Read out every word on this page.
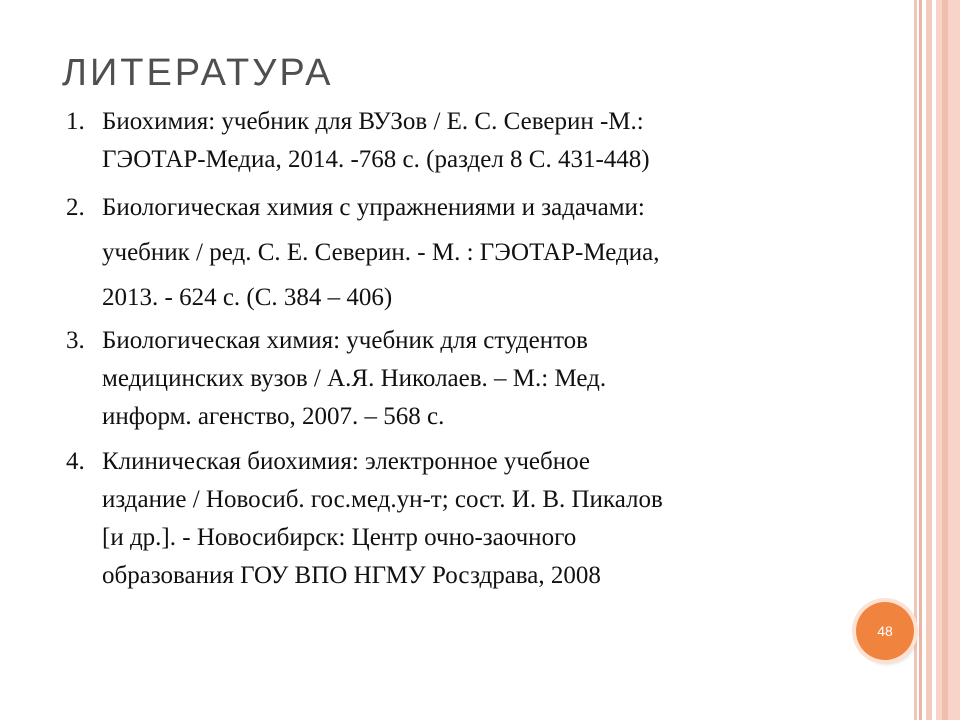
ЛИТЕРАТУРА
1. Биохимия: учебник для ВУЗов / Е. С. Северин -М.:
ГЭОТАР-Медиа, 2014. -768 с. (раздел 8 С. 431-448)
2. Биологическая химия с упражнениями и задачами:
учебник / ред. С. Е. Северин. - М. : ГЭОТАР-Медиа,
2013. - 624 с. (С. 384 – 406)
3. Биологическая химия: учебник для студентов
медицинских вузов / А.Я. Николаев. – М.: Мед.
информ. агенство, 2007. – 568 с.
4. Клиническая биохимия: электронное учебное
издание / Новосиб. гос.мед.ун-т; сост. И. В. Пикалов
[и др.]. - Новосибирск: Центр очно-заочного
образования ГОУ ВПО НГМУ Росздрава, 2008
48
